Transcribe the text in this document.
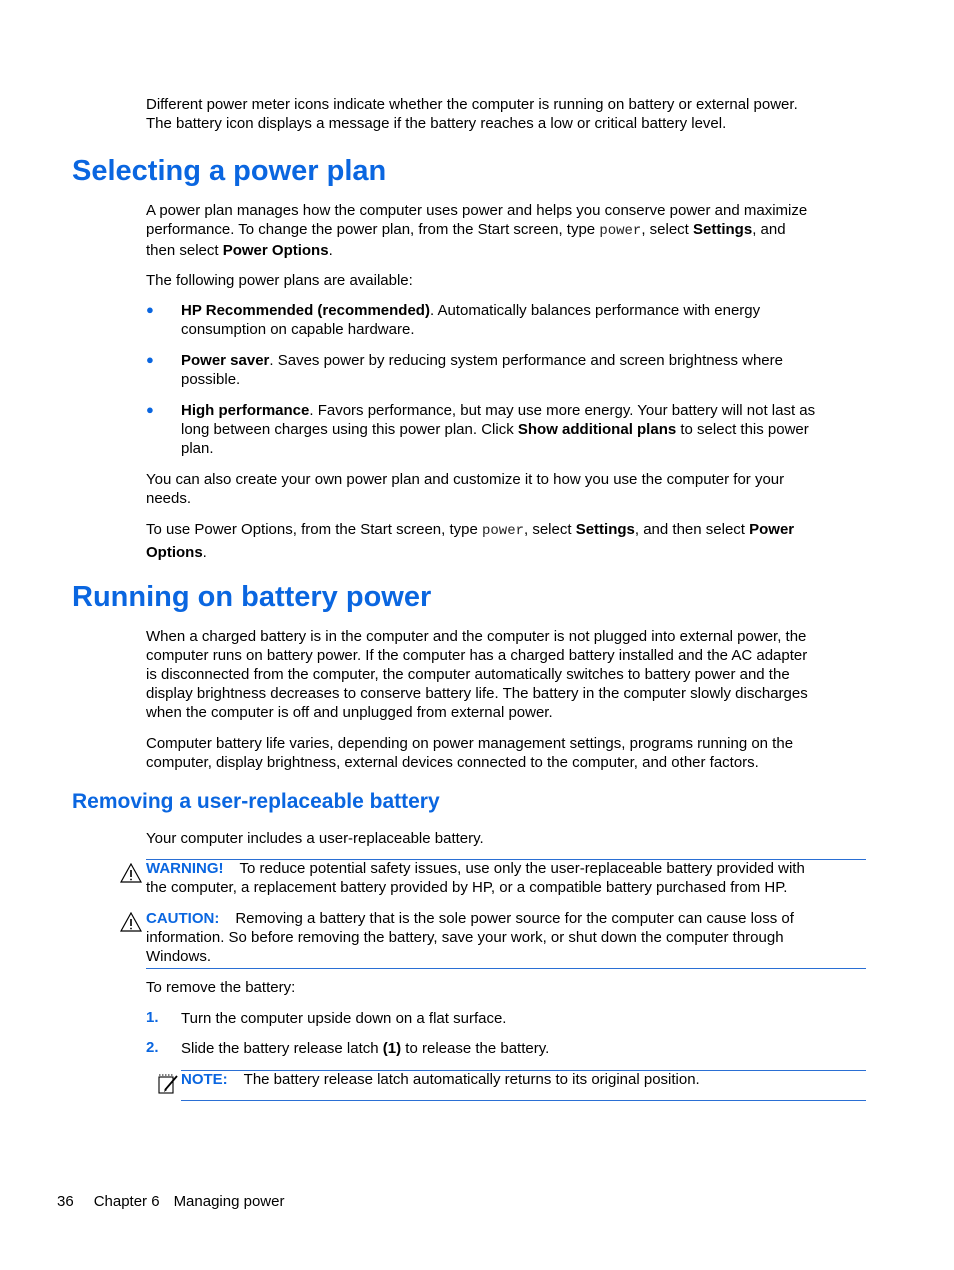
Different power meter icons indicate whether the computer is running on battery or external power.
The battery icon displays a message if the battery reaches a low or critical battery level.
Selecting a power plan
A power plan manages how the computer uses power and helps you conserve power and maximize
performance. To change the power plan, from the Start screen, type power, select Settings, and
then select Power Options.
The following power plans are available:
● HP Recommended (recommended). Automatically balances performance with energy
consumption on capable hardware.
● Power saver. Saves power by reducing system performance and screen brightness where
possible.
● High performance. Favors performance, but may use more energy. Your battery will not last as
long between charges using this power plan. Click Show additional plans to select this power
plan.
You can also create your own power plan and customize it to how you use the computer for your
needs.
To use Power Options, from the Start screen, type power, select Settings, and then select Power
Options.
Running on battery power
When a charged battery is in the computer and the computer is not plugged into external power, the
computer runs on battery power. If the computer has a charged battery installed and the AC adapter
is disconnected from the computer, the computer automatically switches to battery power and the
display brightness decreases to conserve battery life. The battery in the computer slowly discharges
when the computer is off and unplugged from external power.
Computer battery life varies, depending on power management settings, programs running on the
computer, display brightness, external devices connected to the computer, and other factors.
Removing a user-replaceable battery
Your computer includes a user-replaceable battery.
WARNING! To reduce potential safety issues, use only the user-replaceable battery provided with
the computer, a replacement battery provided by HP, or a compatible battery purchased from HP.
CAUTION: Removing a battery that is the sole power source for the computer can cause loss of
information. So before removing the battery, save your work, or shut down the computer through
Windows.
To remove the battery:
1. Turn the computer upside down on a flat surface.
2. Slide the battery release latch (1) to release the battery.
NOTE: The battery release latch automatically returns to its original position.
36 Chapter 6 Managing power
